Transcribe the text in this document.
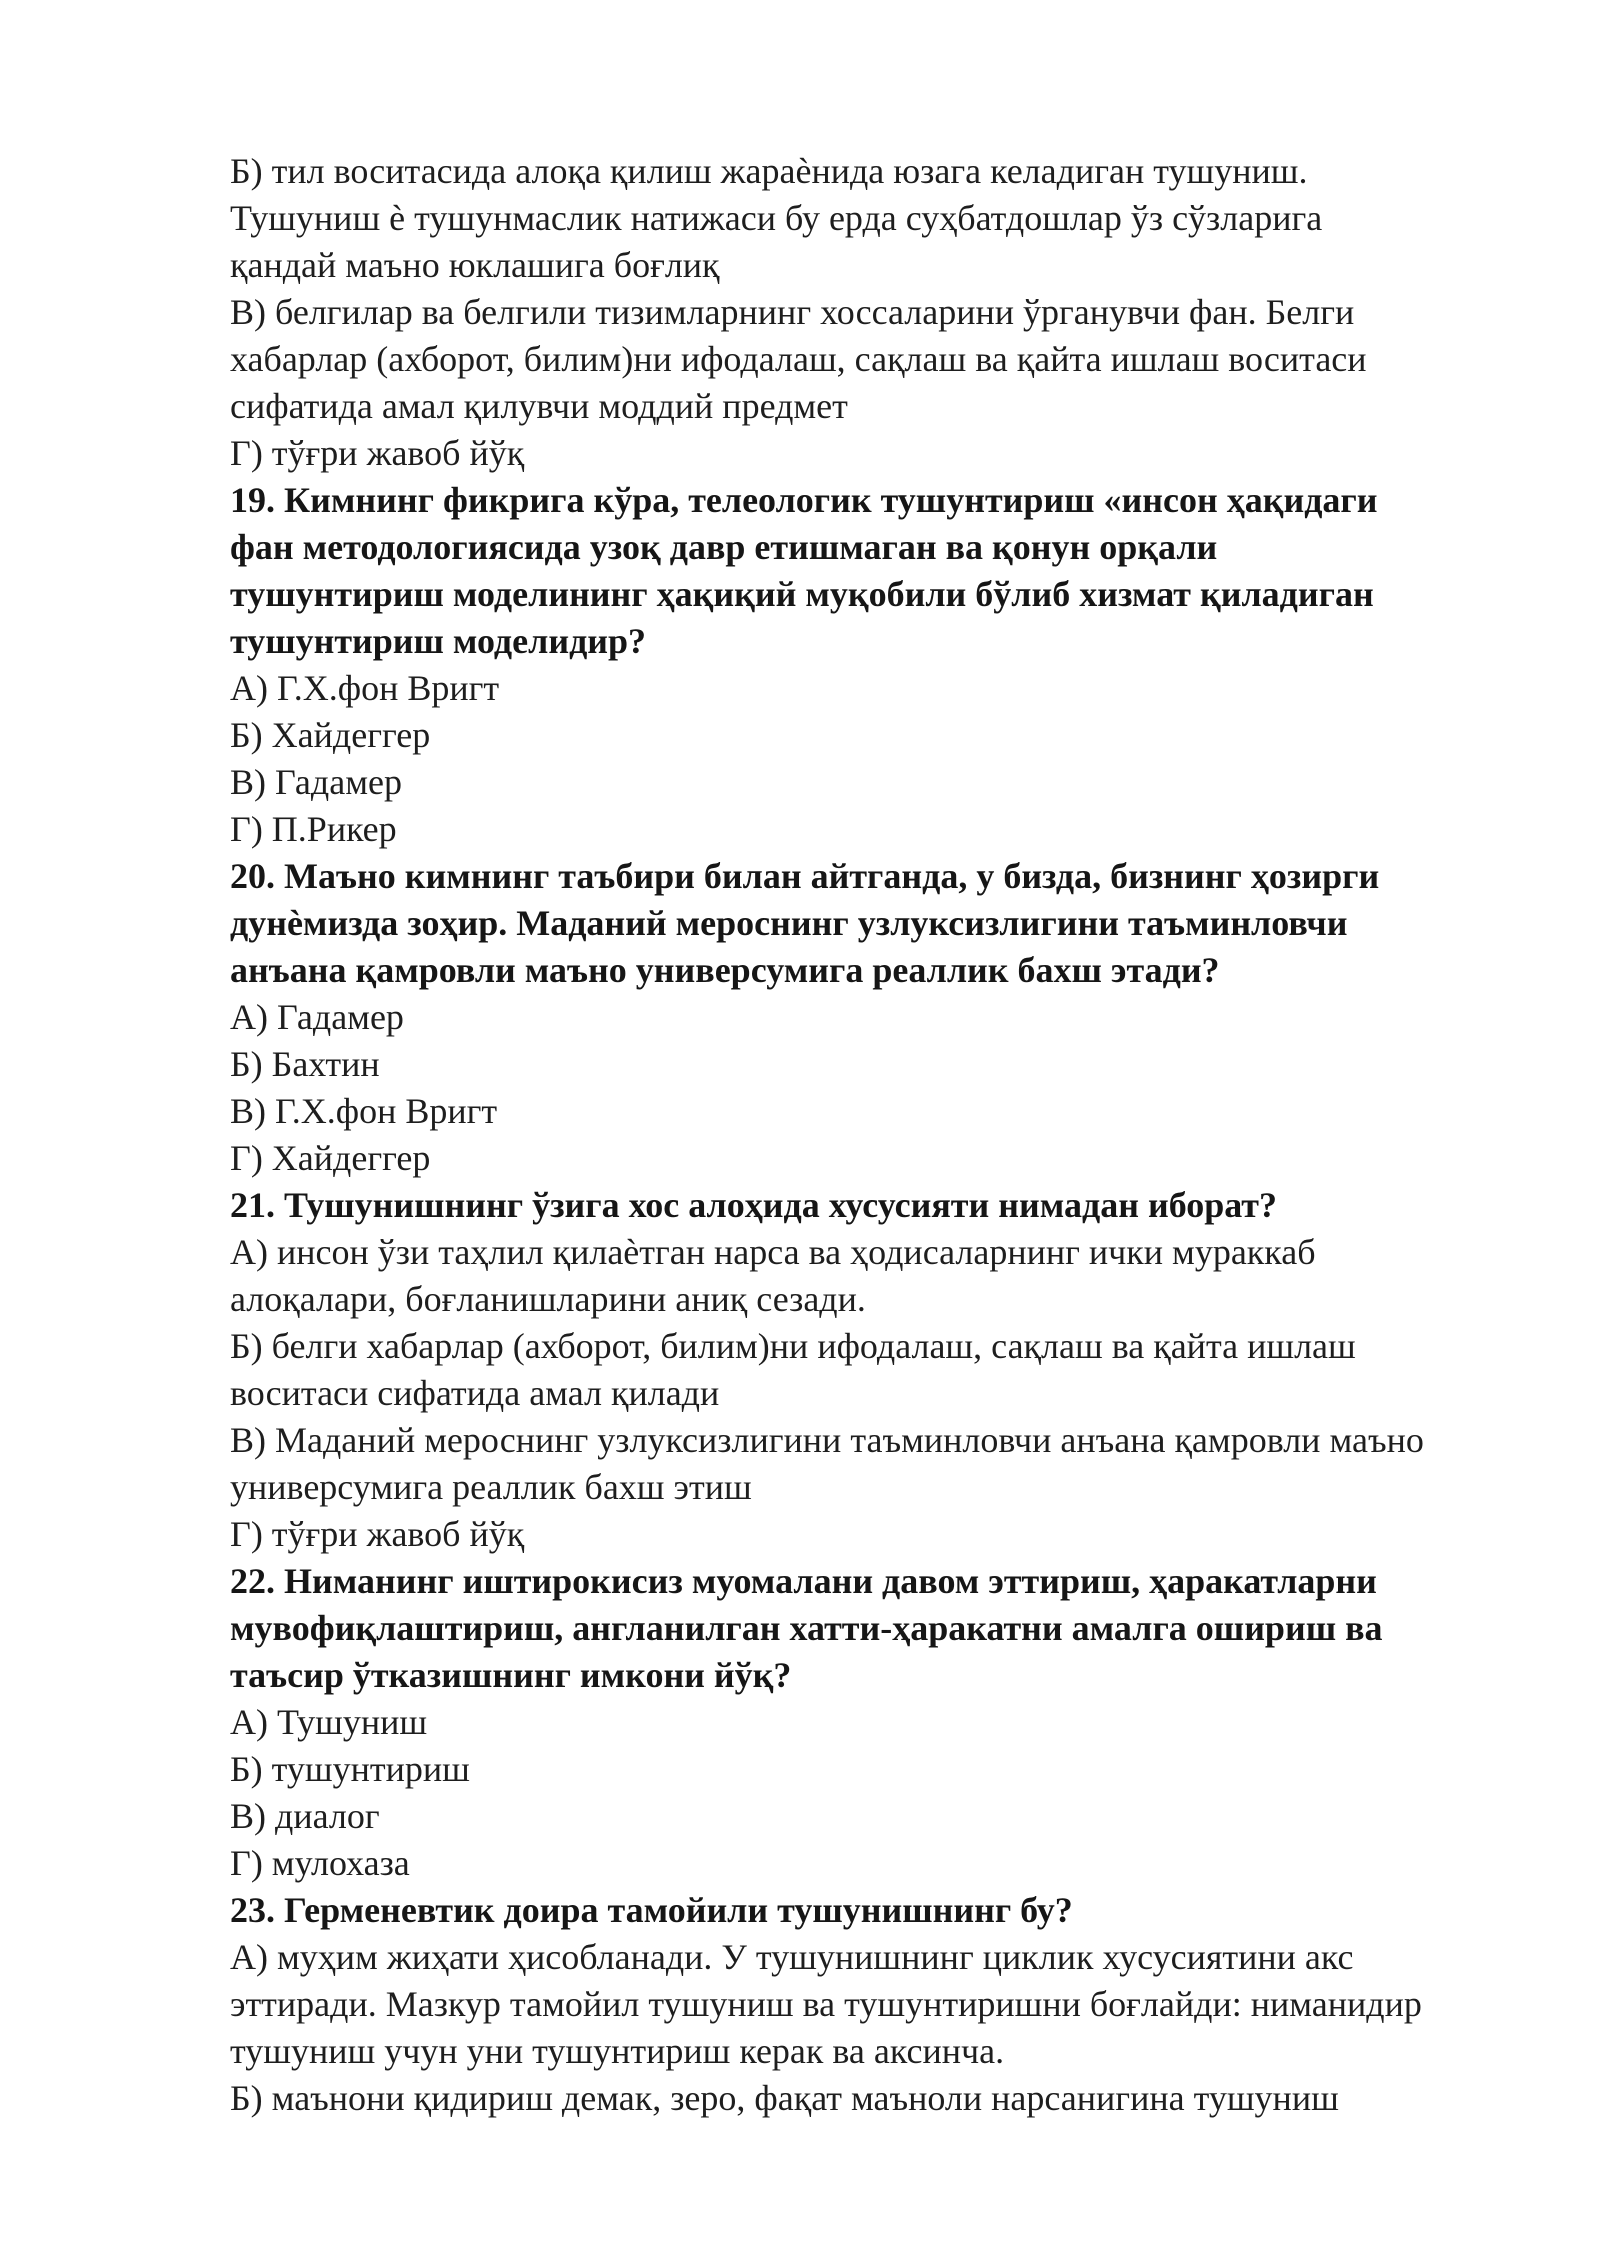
Б) тил воситасида алоқа қилиш жараѐнида юзага келадиган тушуниш.
Тушуниш ѐ тушунмаслик натижаси бу ерда суҳбатдошлар ўз сўзларига
қандай маъно юклашига боғлиқ
В) белгилар ва белгили тизимларнинг хоссаларини ўрганувчи фан. Белги
хабарлар (ахборот, билим)ни ифодалаш, сақлаш ва қайта ишлаш воситаси
сифатида амал қилувчи моддий предмет
Г) тўғри жавоб йўқ
19. Кимнинг фикрига кўра, телеологик тушунтириш «инсон ҳақидаги
фан методологиясида узоқ давр етишмаган ва қонун орқали
тушунтириш моделининг ҳақиқий муқобили бўлиб хизмат қиладиган
тушунтириш моделидир?
А) Г.Х.фон Вригт
Б) Хайдеггер
В) Гадамер
Г) П.Рикер
20. Маъно кимнинг таъбири билан айтганда, у бизда, бизнинг ҳозирги
дунѐмизда зоҳир. Маданий мероснинг узлуксизлигини таъминловчи
анъана қамровли маъно универсумига реаллик бахш этади?
А) Гадамер
Б) Бахтин
В) Г.Х.фон Вригт
Г) Хайдеггер
21. Тушунишнинг ўзига хос алоҳида хусусияти нимадан иборат?
А) инсон ўзи таҳлил қилаѐтган нарса ва ҳодисаларнинг ички мураккаб
алоқалари, боғланишларини аниқ сезади.
Б) белги хабарлар (ахборот, билим)ни ифодалаш, сақлаш ва қайта ишлаш
воситаси сифатида амал қилади
В) Маданий мероснинг узлуксизлигини таъминловчи анъана қамровли маъно
универсумига реаллик бахш этиш
Г) тўғри жавоб йўқ
22. Ниманинг иштирокисиз муомалани давом эттириш, ҳаракатларни
мувофиқлаштириш, англанилган хатти-ҳаракатни амалга ошириш ва
таъсир ўтказишнинг имкони йўқ?
А) Тушуниш
Б) тушунтириш
В) диалог
Г) мулохаза
23. Герменевтик доира тамойили тушунишнинг бу?
А) муҳим жиҳати ҳисобланади. У тушунишнинг циклик хусусиятини акс
эттиради. Мазкур тамойил тушуниш ва тушунтиришни боғлайди: ниманидир
тушуниш учун уни тушунтириш керак ва аксинча.
Б) маънони қидириш демак, зеро, фақат маъноли нарсанигина тушуниш
